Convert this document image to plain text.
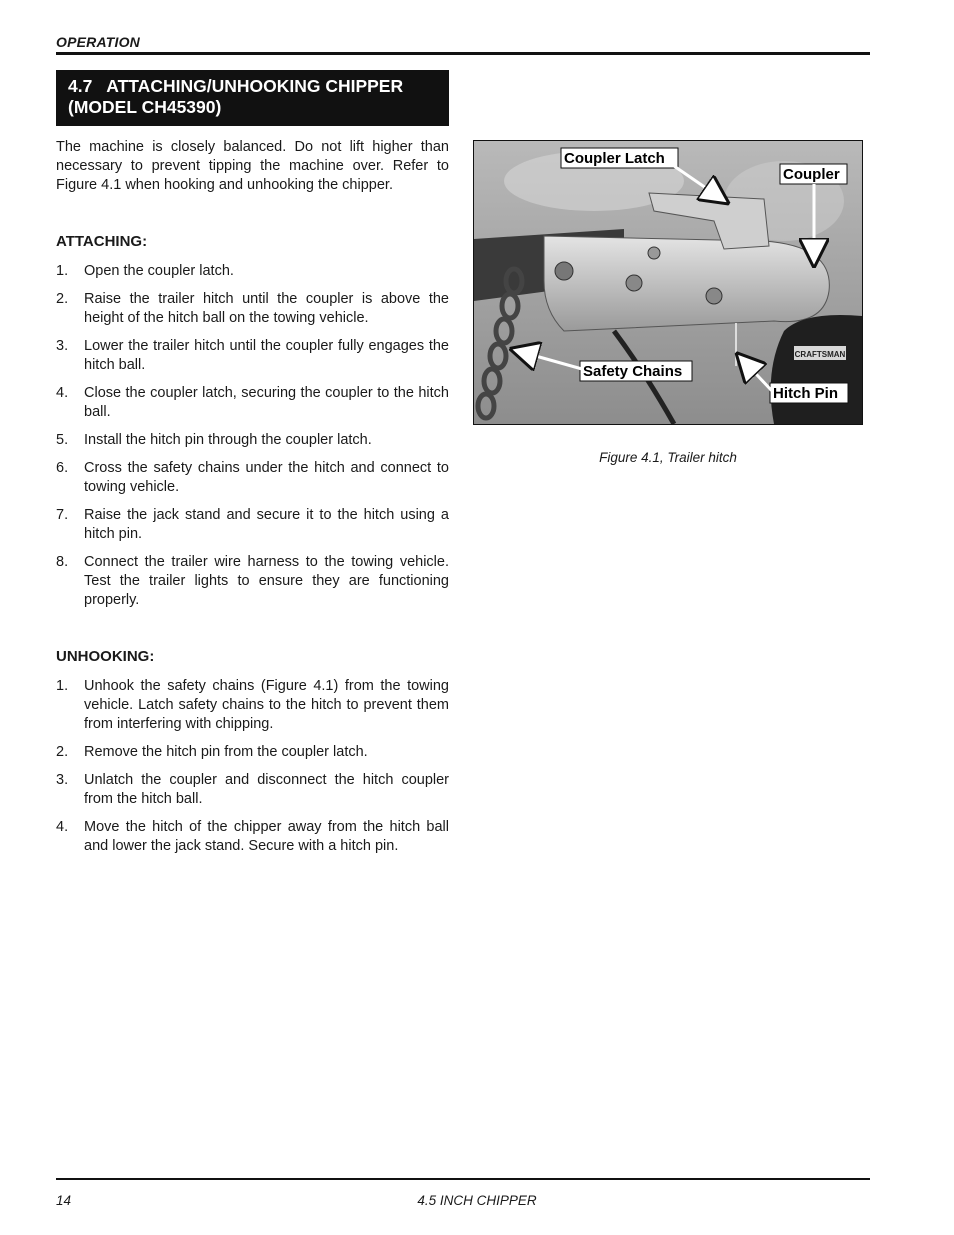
OPERATION
4.7   ATTACHING/UNHOOKING CHIPPER
(MODEL CH45390)

The machine is closely balanced. Do not lift higher than necessary to prevent tipping the machine over. Refer to Figure 4.1 when hooking and unhooking the chipper.

ATTACHING:
1. Open the coupler latch.
2. Raise the trailer hitch until the coupler is above the height of the hitch ball on the towing vehicle.
3. Lower the trailer hitch until the coupler fully engages the hitch ball.
4. Close the coupler latch, securing the coupler to the hitch ball.
5. Install the hitch pin through the coupler latch.
6. Cross the safety chains under the hitch and connect to towing vehicle.
7. Raise the jack stand and secure it to the hitch using a hitch pin.
8. Connect the trailer wire harness to the towing vehicle. Test the trailer lights to ensure they are functioning properly.
UNHOOKING:
1. Unhook the safety chains (Figure 4.1) from the towing vehicle. Latch safety chains to the hitch to prevent them from interfering with chipping.
2. Remove the hitch pin from the coupler latch.
3. Unlatch the coupler and disconnect the hitch coupler from the hitch ball.
4. Move the hitch of the chipper away from the hitch ball and lower the jack stand. Secure with a hitch pin.
CRAFTSMAN
Coupler Latch
Coupler
Safety Chains
Hitch Pin
Figure 4.1, Trailer hitch
14	4.5 INCH CHIPPER
